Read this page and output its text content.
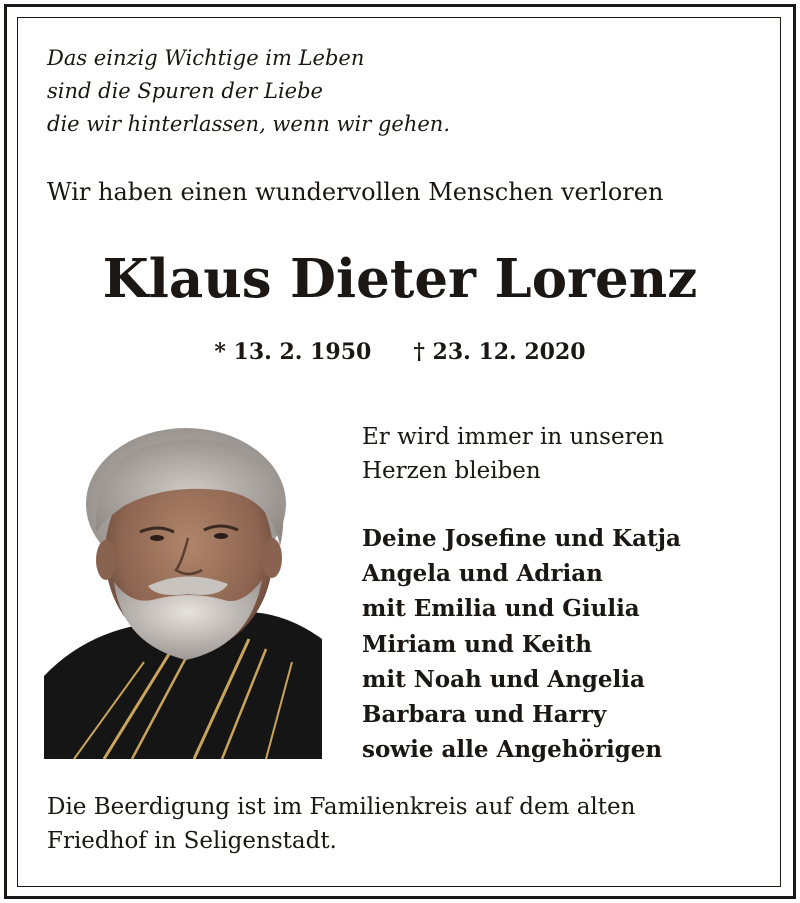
Das einzig Wichtige im Leben
sind die Spuren der Liebe
die wir hinterlassen, wenn wir gehen.
Wir haben einen wundervollen Menschen verloren
Klaus Dieter Lorenz
* 13. 2. 1950 † 23. 12. 2020
Er wird immer in unseren
Herzen bleiben
Deine Josefine und Katja
Angela und Adrian
mit Emilia und Giulia
Miriam und Keith
mit Noah und Angelia
Barbara und Harry
sowie alle Angehörigen
Die Beerdigung ist im Familienkreis auf dem alten
Friedhof in Seligenstadt.
